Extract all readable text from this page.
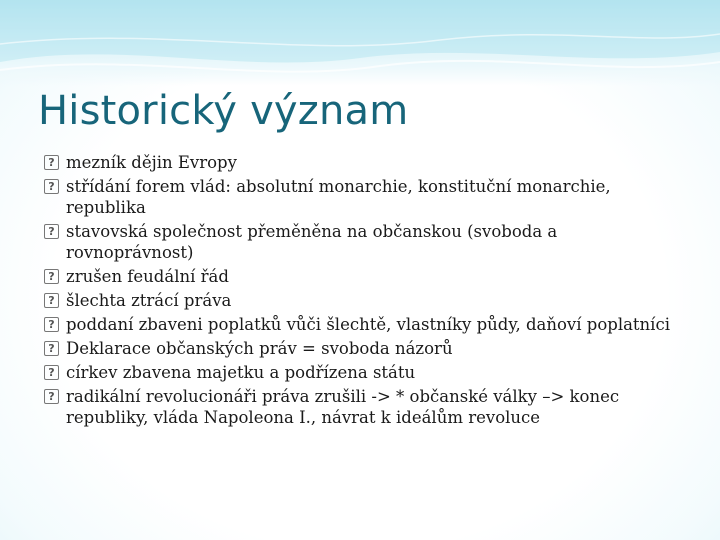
Historický význam
? mezník dějin Evropy
? střídání forem vlád: absolutní monarchie, konstituční monarchie, republika
? stavovská společnost přeměněna na občanskou (svoboda a rovnoprávnost)
? zrušen feudální řád
? šlechta ztrácí práva
? poddaní zbaveni poplatků vůči šlechtě, vlastníky půdy, daňoví poplatníci
? Deklarace občanských práv = svoboda názorů
? církev zbavena majetku a podřízena státu
? radikální revolucionáři práva zrušili -> * občanské války –> konec republiky, vláda Napoleona I., návrat k ideálům revoluce
